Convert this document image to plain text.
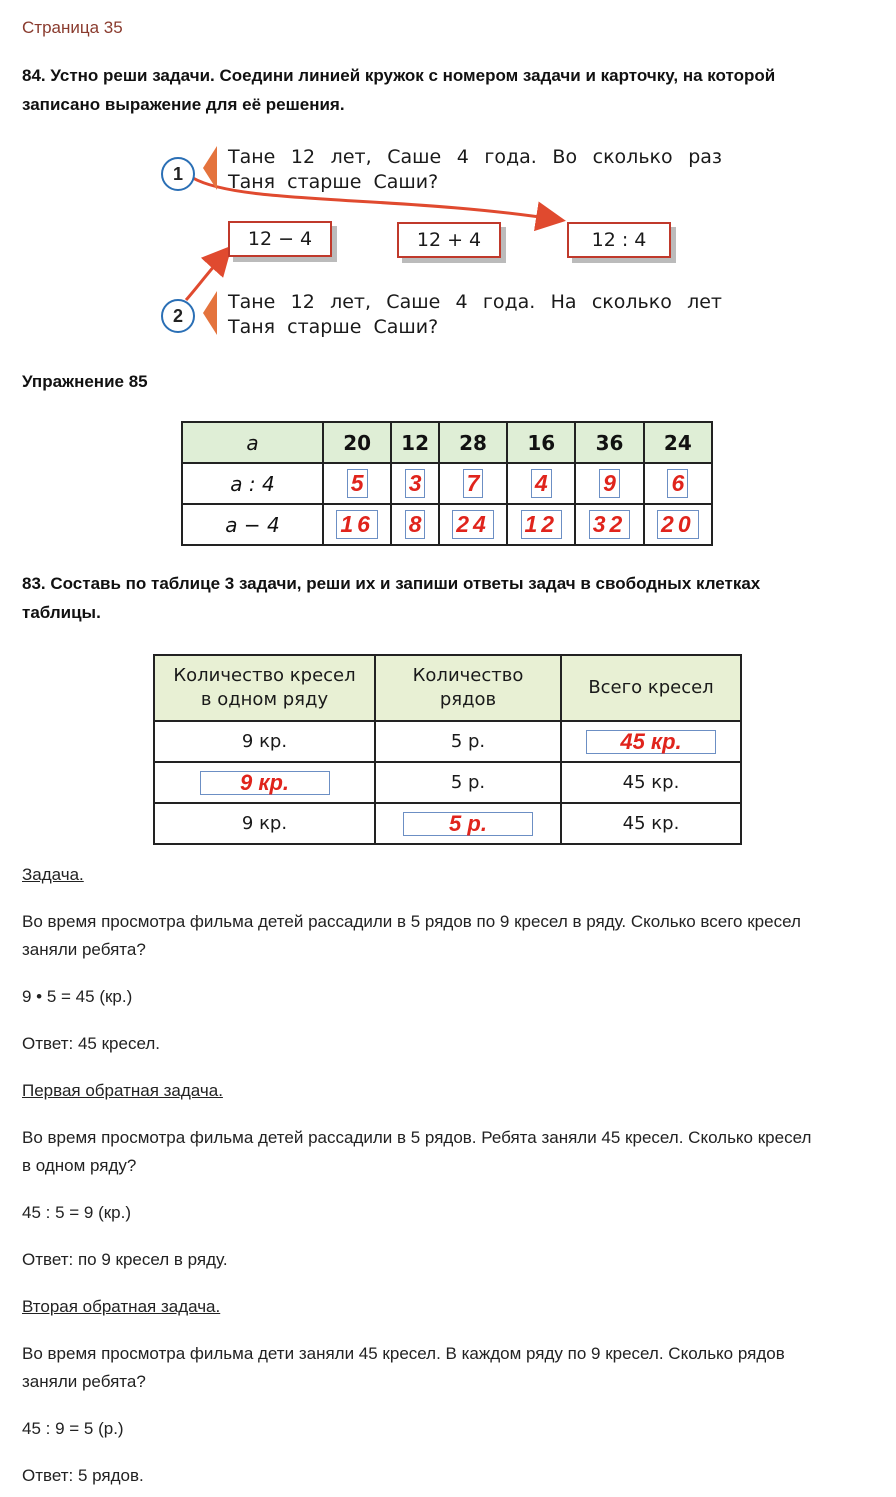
Страница 35
84. Устно реши задачи. Соедини линией кружок с номером задачи и карточку, на которой
записано выражение для её решения.
1
Тане 12 лет, Саше 4 года. Во сколько раз
Таня старше Саши?
12 − 4	12 + 4	12 : 4
2
Тане 12 лет, Саше 4 года. На сколько лет
Таня старше Саши?
Упражнение 85
a	20	12	28	16	36	24
a : 4	5	3	7	4	9	6
a − 4	16	8	24	12	32	20
83. Составь по таблице 3 задачи, реши их и запиши ответы задач в свободных клетках
таблицы.
Количество кресел
в одном ряду	Количество
рядов	Всего кресел
9 кр.	5 р.	45 кр.
9 кр.	5 р.	45 кр.
9 кр.	5 р.	45 кр.
Задача.
Во время просмотра фильма детей рассадили в 5 рядов по 9 кресел в ряду. Сколько всего кресел
заняли ребята?
9 • 5 = 45 (кр.)
Ответ: 45 кресел.
Первая обратная задача.
Во время просмотра фильма детей рассадили в 5 рядов. Ребята заняли 45 кресел. Сколько кресел
в одном ряду?
45 : 5 = 9 (кр.)
Ответ: по 9 кресел в ряду.
Вторая обратная задача.
Во время просмотра фильма дети заняли 45 кресел. В каждом ряду по 9 кресел. Сколько рядов
заняли ребята?
45 : 9 = 5 (р.)
Ответ: 5 рядов.
